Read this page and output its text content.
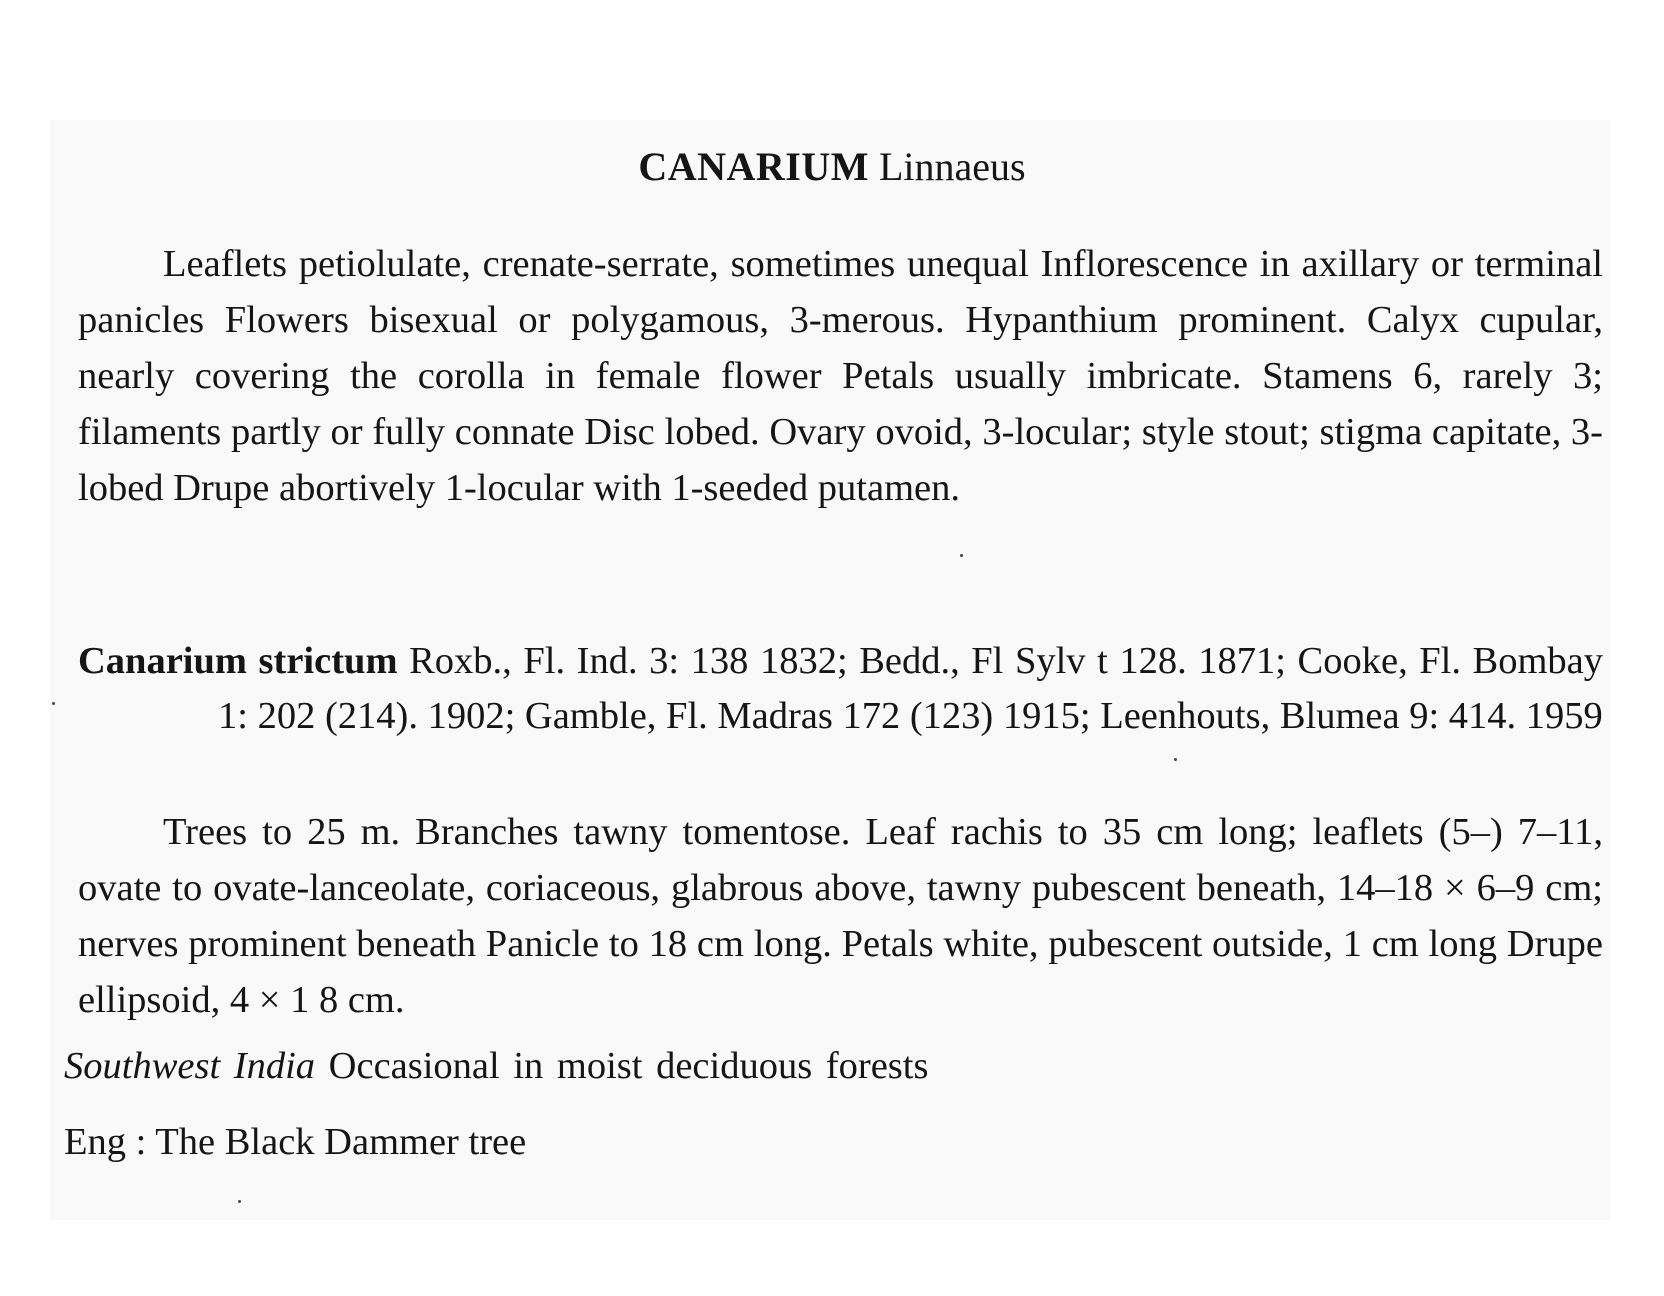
CANARIUM Linnaeus

Leaflets petiolulate, crenate-serrate, sometimes unequal Inflorescence in axillary or terminal panicles Flowers bisexual or polygamous, 3-merous. Hypanthium prominent. Calyx cupular, nearly covering the corolla in female flower Petals usually imbricate. Stamens 6, rarely 3; filaments partly or fully connate Disc lobed. Ovary ovoid, 3-locular; style stout; stigma capitate, 3-lobed Drupe abortively 1-locular with 1-seeded putamen.

Canarium strictum Roxb., Fl. Ind. 3: 138 1832; Bedd., Fl Sylv t 128. 1871; Cooke, Fl. Bombay 1: 202 (214). 1902; Gamble, Fl. Madras 172 (123) 1915; Leenhouts, Blumea 9: 414. 1959

Trees to 25 m. Branches tawny tomentose. Leaf rachis to 35 cm long; leaflets (5–) 7–11, ovate to ovate-lanceolate, coriaceous, glabrous above, tawny pubescent beneath, 14–18 × 6–9 cm; nerves prominent beneath Panicle to 18 cm long. Petals white, pubescent outside, 1 cm long Drupe ellipsoid, 4 × 1 8 cm.

Southwest India Occasional in moist deciduous forests

Eng : The Black Dammer tree
